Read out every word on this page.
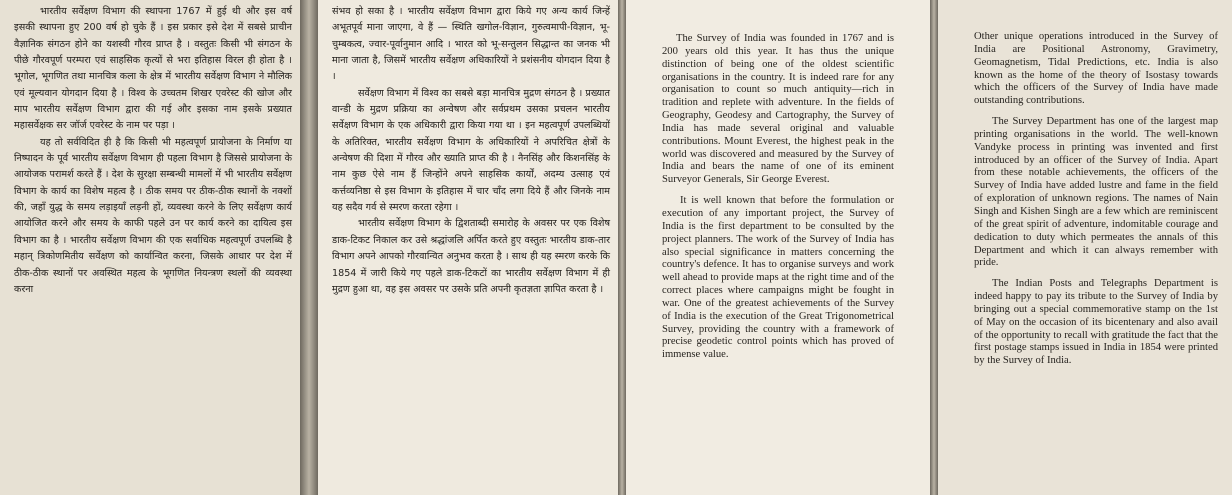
भारतीय सर्वेक्षण विभाग की स्थापना 1767 में हुई थी और इस वर्ष इसकी स्थापना हुए 200 वर्ष हो चुके हैं । इस प्रकार इसे देश में सबसे प्राचीन वैज्ञानिक संगठन होने का यशस्वी गौरव प्राप्त है । वस्तुतः किसी भी संगठन के पीछे गौरवपूर्ण परम्परा एवं साहसिक कृत्यों से भरा इतिहास विरल ही होता है । भूगोल, भूगणित तथा मानचित्र कला के क्षेत्र में भारतीय सर्वेक्षण विभाग ने मौलिक एवं मूल्यवान योगदान दिया है । विश्व के उच्चतम शिखर एवरेस्ट की खोज और माप भारतीय सर्वेक्षण विभाग द्वारा की गई और इसका नाम इसके प्रख्यात महासर्वेक्षक सर जॉर्ज एवरेस्ट के नाम पर पड़ा ।

यह तो सर्वविदित ही है कि किसी भी महत्वपूर्ण प्रायोजना के निर्माण या निष्पादन के पूर्व भारतीय सर्वेक्षण विभाग ही पहला विभाग है जिससे प्रायोजना के आयोजक परामर्श करते हैं । देश के सुरक्षा सम्बन्धी मामलों में भी भारतीय सर्वेक्षण विभाग के कार्य का विशेष महत्व है । ठीक समय पर ठीक-ठीक स्थानों के नक्शों की, जहाँ युद्ध के समय लड़ाइयाँ लड़नी हों, व्यवस्था करने के लिए सर्वेक्षण कार्य आयोजित करने और समय के काफी पहले उन पर कार्य करने का दायित्व इस विभाग का है । भारतीय सर्वेक्षण विभाग की एक सर्वाधिक महत्वपूर्ण उपलब्धि है महान् त्रिकोणमितीय सर्वेक्षण को कार्यान्वित करना, जिसके आधार पर देश में ठीक-ठीक स्थानों पर अवस्थित महत्व के भूगणित नियन्त्रण स्थलों की व्यवस्था करना

संभव हो सका है । भारतीय सर्वेक्षण विभाग द्वारा किये गए अन्य कार्य जिन्हें अभूतपूर्व माना जाएगा, वे हैं — स्थिति खगोल-विज्ञान, गुरुत्वमापी-विज्ञान, भू-चुम्बकत्व, ज्वार-पूर्वानुमान आदि । भारत को भू-सन्तुलन सिद्धान्त का जनक भी माना जाता है, जिसमें भारतीय सर्वेक्षण अधिकारियों ने प्रशंसनीय योगदान दिया है ।

सर्वेक्षण विभाग में विश्व का सबसे बड़ा मानचित्र मुद्रण संगठन है । प्रख्यात वान्डी के मुद्रण प्रक्रिया का अन्वेषण और सर्वप्रथम उसका प्रचलन भारतीय सर्वेक्षण विभाग के एक अधिकारी द्वारा किया गया था । इन महत्वपूर्ण उपलब्धियों के अतिरिक्त, भारतीय सर्वेक्षण विभाग के अधिकारियों ने अपरिचित क्षेत्रों के अन्वेषण की दिशा में गौरव और ख्याति प्राप्त की है । नैनसिंह और किशनसिंह के नाम कुछ ऐसे नाम हैं जिन्होंने अपने साहसिक कार्यों, अदम्य उत्साह एवं कर्त्तव्यनिष्ठा से इस विभाग के इतिहास में चार चाँद लगा दिये हैं और जिनके नाम यह सदैव गर्व से स्मरण करता रहेगा ।

भारतीय सर्वेक्षण विभाग के द्विशताब्दी समारोह के अवसर पर एक विशेष डाक-टिकट निकाल कर उसे श्रद्धांजलि अर्पित करते हुए वस्तुतः भारतीय डाक-तार विभाग अपने आपको गौरवान्वित अनुभव करता है । साथ ही यह स्मरण करके कि 1854 में जारी किये गए पहले डाक-टिकटों का भारतीय सर्वेक्षण विभाग में ही मुद्रण हुआ था, वह इस अवसर पर उसके प्रति अपनी कृतज्ञता ज्ञापित करता है ।

The Survey of India was founded in 1767 and is 200 years old this year. It has thus the unique distinction of being one of the oldest scientific organisations in the country. It is indeed rare for any organisation to count so much antiquity—rich in tradition and replete with adventure. In the fields of Geography, Geodesy and Cartography, the Survey of India has made several original and valuable contributions. Mount Everest, the highest peak in the world was discovered and measured by the Survey of India and bears the name of one of its eminent Surveyor Generals, Sir George Everest.

It is well known that before the formulation or execution of any important project, the Survey of India is the first department to be consulted by the project planners. The work of the Survey of India has also special significance in matters concerning the country's defence. It has to organise surveys and work well ahead to provide maps at the right time and of the correct places where campaigns might be fought in war. One of the greatest achievements of the Survey of India is the execution of the Great Trigonometrical Survey, providing the country with a framework of precise geodetic control points which has proved of immense value.

Other unique operations introduced in the Survey of India are Positional Astronomy, Gravimetry, Geomagnetism, Tidal Predictions, etc. India is also known as the home of the theory of Isostasy towards which the officers of the Survey of India have made outstanding contributions.

The Survey Department has one of the largest map printing organisations in the world. The well-known Vandyke process in printing was invented and first introduced by an officer of the Survey of India. Apart from these notable achievements, the officers of the Survey of India have added lustre and fame in the field of exploration of unknown regions. The names of Nain Singh and Kishen Singh are a few which are reminiscent of the great spirit of adventure, indomitable courage and dedication to duty which permeates the annals of this Department and which it can always remember with pride.

The Indian Posts and Telegraphs Department is indeed happy to pay its tribute to the Survey of India by bringing out a special commemorative stamp on the 1st of May on the occasion of its bicentenary and also avail of the opportunity to recall with gratitude the fact that the first postage stamps issued in India in 1854 were printed by the Survey of India.
